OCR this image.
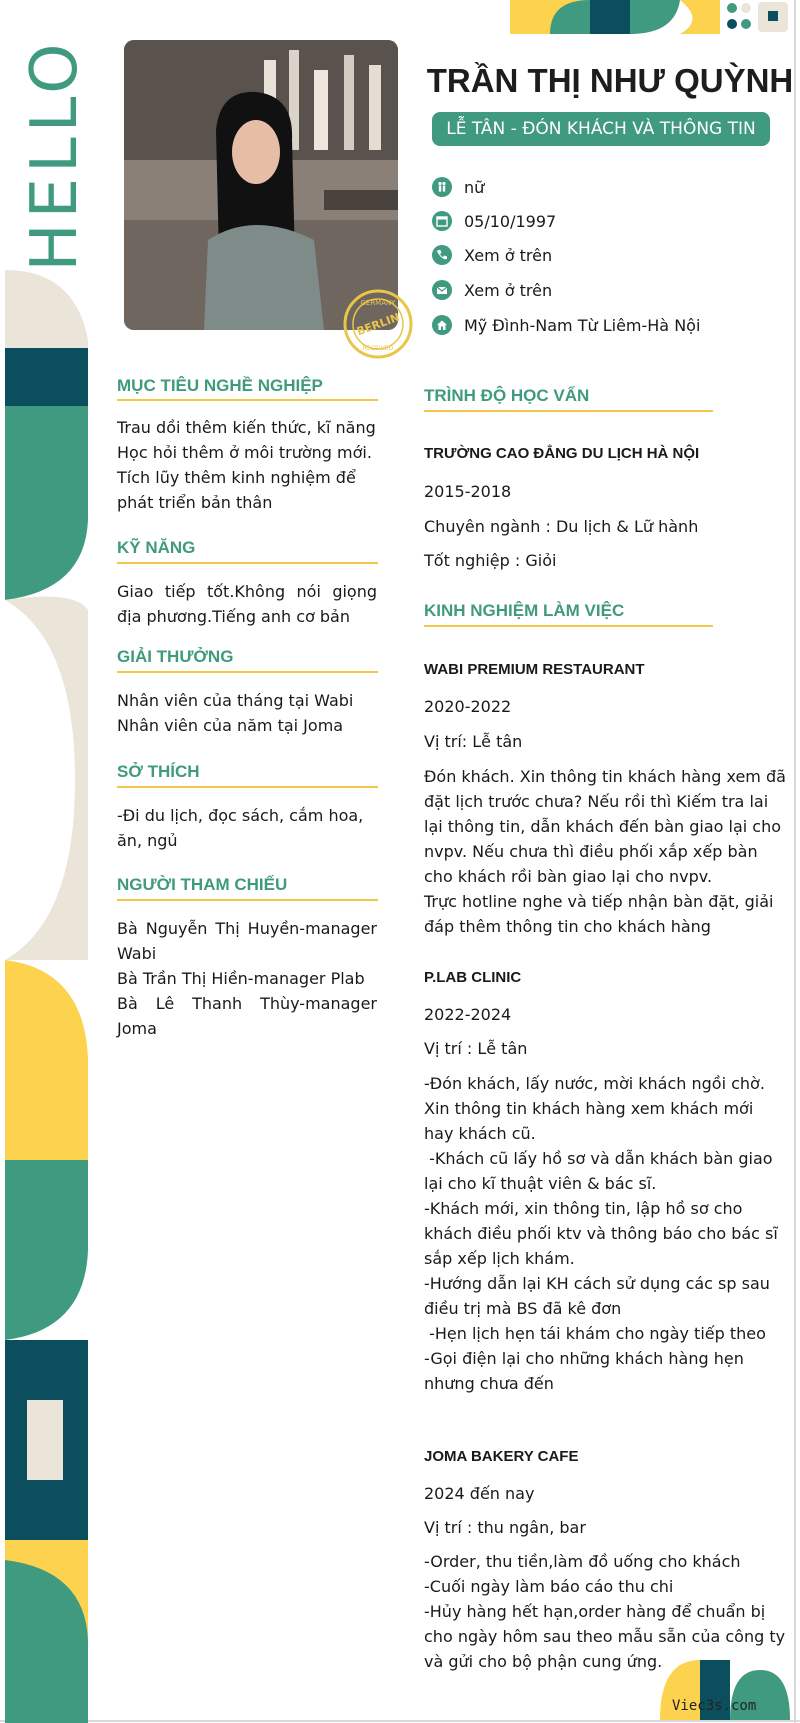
HELLO
GERMANY
BERLIN
RECEIVED
TRẦN THỊ NHƯ QUỲNH
LỄ TÂN - ĐÓN KHÁCH VÀ THÔNG TIN
nữ
05/10/1997
Xem ở trên
Xem ở trên
Mỹ Đình-Nam Từ Liêm-Hà Nội
MỤC TIÊU NGHỀ NGHIỆP

Trau dồi thêm kiến thức, kĩ năng

Học hỏi thêm ở môi trường mới.

Tích lũy thêm kinh nghiệm để phát triển bản thân

KỸ NĂNG
Giao tiếp tốt.Không nói giọng địa phương.Tiếng anh cơ bản
GIẢI THƯỞNG

Nhân viên của tháng tại Wabi

Nhân viên của năm tại Joma

SỞ THÍCH
-Đi du lịch, đọc sách, cắm hoa, ăn, ngủ
NGƯỜI THAM CHIẾU

Bà Nguyễn Thị Huyền-manager Wabi

Bà Trần Thị Hiền-manager Plab

Bà Lê Thanh Thùy-manager Joma

TRÌNH ĐỘ HỌC VẤN
TRƯỜNG CAO ĐẲNG DU LỊCH HÀ NỘI
2015-2018
Chuyên ngành : Du lịch & Lữ hành
Tốt nghiệp : Giỏi
KINH NGHIỆM LÀM VIỆC
WABI PREMIUM RESTAURANT
2020-2022
Vị trí: Lễ tân

Đón khách. Xin thông tin khách hàng xem đã

đặt lịch trước chưa? Nếu rồi thì Kiếm tra lai

lại thông tin, dẫn khách đến bàn giao lại cho

nvpv. Nếu chưa thì điều phối xắp xếp bàn

cho khách rồi bàn giao lại cho nvpv.

Trực hotline nghe và tiếp nhận bàn đặt, giải

đáp thêm thông tin cho khách hàng

P.LAB CLINIC
2022-2024
Vị trí : Lễ tân

-Đón khách, lấy nước, mời khách ngồi chờ.

Xin thông tin khách hàng xem khách mới

hay khách cũ.

-Khách cũ lấy hồ sơ và dẫn khách bàn giao

lại cho kĩ thuật viên & bác sĩ.

-Khách mới, xin thông tin, lập hồ sơ cho

khách điều phối ktv và thông báo cho bác sĩ

sắp xếp lịch khám.

-Hướng dẫn lại KH cách sử dụng các sp sau

điều trị mà BS đã kê đơn

-Hẹn lịch hẹn tái khám cho ngày tiếp theo

-Gọi điện lại cho những khách hàng hẹn

nhưng chưa đến

JOMA BAKERY CAFE
2024 đến nay
Vị trí : thu ngân, bar

-Order, thu tiền,làm đồ uống cho khách

-Cuối ngày làm báo cáo thu chi

-Hủy hàng hết hạn,order hàng để chuẩn bị

cho ngày hôm sau theo mẫu sẵn của công ty

và gửi cho bộ phận cung ứng.

Viec3s.com
